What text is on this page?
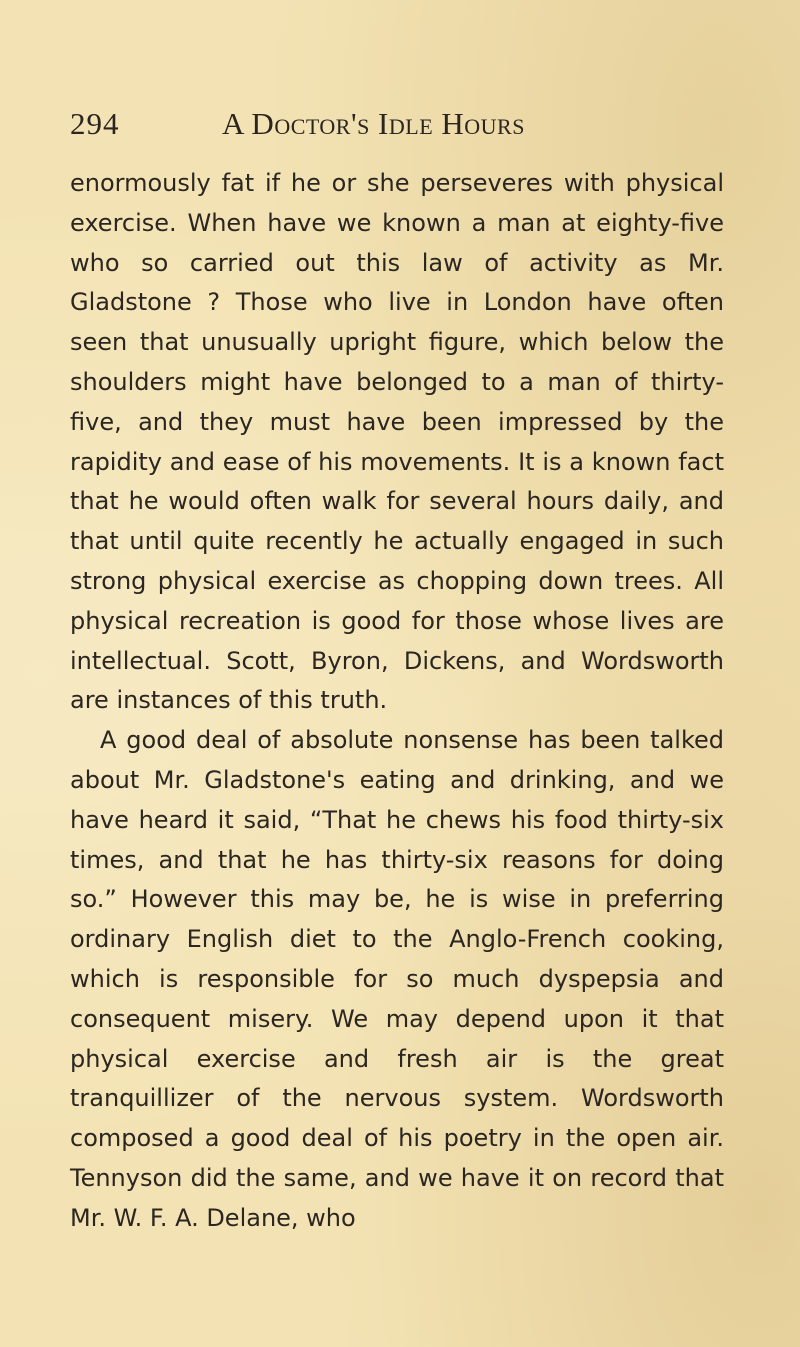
294	A Doctor's Idle Hours

enormously fat if he or she perseveres with physical exercise. When have we known a man at eighty-five who so carried out this law of activity as Mr. Gladstone ? Those who live in London have often seen that unusually upright figure, which below the shoulders might have belonged to a man of thirty-five, and they must have been impressed by the rapidity and ease of his movements. It is a known fact that he would often walk for several hours daily, and that until quite recently he actually engaged in such strong physical exercise as chopping down trees. All physical recreation is good for those whose lives are intellectual. Scott, Byron, Dickens, and Wordsworth are instances of this truth.

A good deal of absolute nonsense has been talked about Mr. Gladstone's eating and drinking, and we have heard it said, “That he chews his food thirty-six times, and that he has thirty-six reasons for doing so.” However this may be, he is wise in preferring ordinary English diet to the Anglo-French cooking, which is responsible for so much dyspepsia and consequent misery. We may depend upon it that physical exercise and fresh air is the great tranquillizer of the nervous system. Wordsworth composed a good deal of his poetry in the open air. Tennyson did the same, and we have it on record that Mr. W. F. A. Delane, who
